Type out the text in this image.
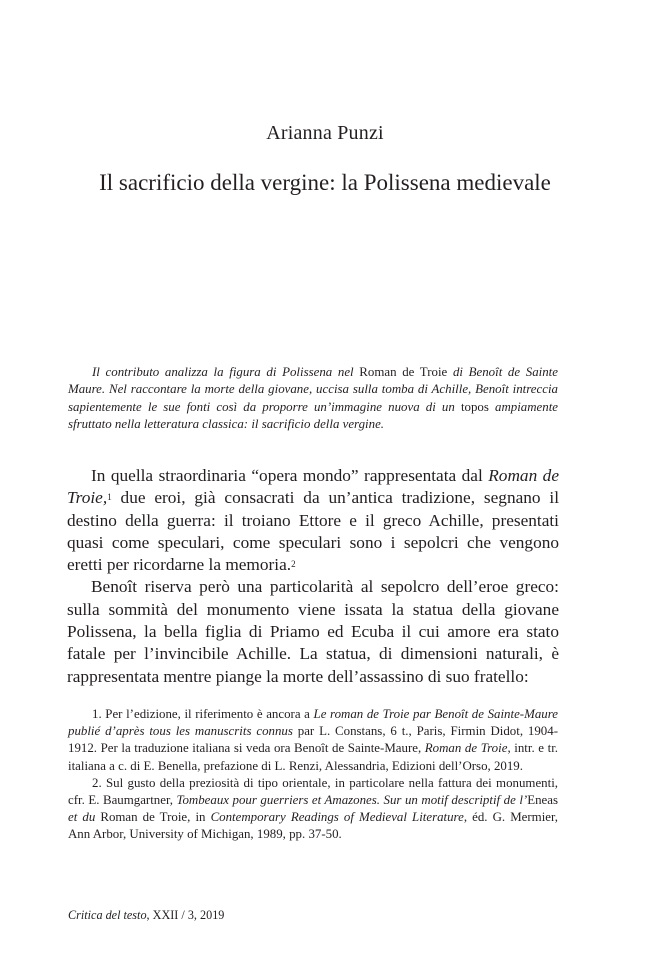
Arianna Punzi
Il sacrificio della vergine: la Polissena medievale
Il contributo analizza la figura di Polissena nel Roman de Troie di Benoît de Sainte Maure. Nel raccontare la morte della giovane, uccisa sulla tomba di Achille, Benoît intreccia sapientemente le sue fonti così da proporre un’immagine nuova di un topos ampiamente sfruttato nella letteratura classica: il sacrificio della vergine.

In quella straordinaria “opera mondo” rappresentata dal Roman de Troie,$^1$ due eroi, già consacrati da un’antica tradizione, segnano il destino della guerra: il troiano Ettore e il greco Achille, presentati quasi come speculari, come speculari sono i sepolcri che vengono eretti per ricordarne la memoria.$^2$

Benoît riserva però una particolarità al sepolcro dell’eroe greco: sulla sommità del monumento viene issata la statua della giovane Polissena, la bella figlia di Priamo ed Ecuba il cui amore era stato fatale per l’invincibile Achille. La statua, di dimensioni naturali, è rappresentata mentre piange la morte dell’assassino di suo fratello:

1. Per l’edizione, il riferimento è ancora a Le roman de Troie par Benoît de Sainte-Maure publié d’après tous les manuscrits connus par L. Constans, 6 t., Paris, Firmin Didot, 1904-1912. Per la traduzione italiana si veda ora Benoît de Sainte-Maure, Roman de Troie, intr. e tr. italiana a c. di E. Benella, prefazione di L. Renzi, Alessandria, Edizioni dell’Orso, 2019.

2. Sul gusto della preziosità di tipo orientale, in particolare nella fattura dei monumenti, cfr. E. Baumgartner, Tombeaux pour guerriers et Amazones. Sur un motif descriptif de l’Eneas et du Roman de Troie, in Contemporary Readings of Medieval Literature, éd. G. Mermier, Ann Arbor, University of Michigan, 1989, pp. 37-50.

Critica del testo, XXII / 3, 2019
